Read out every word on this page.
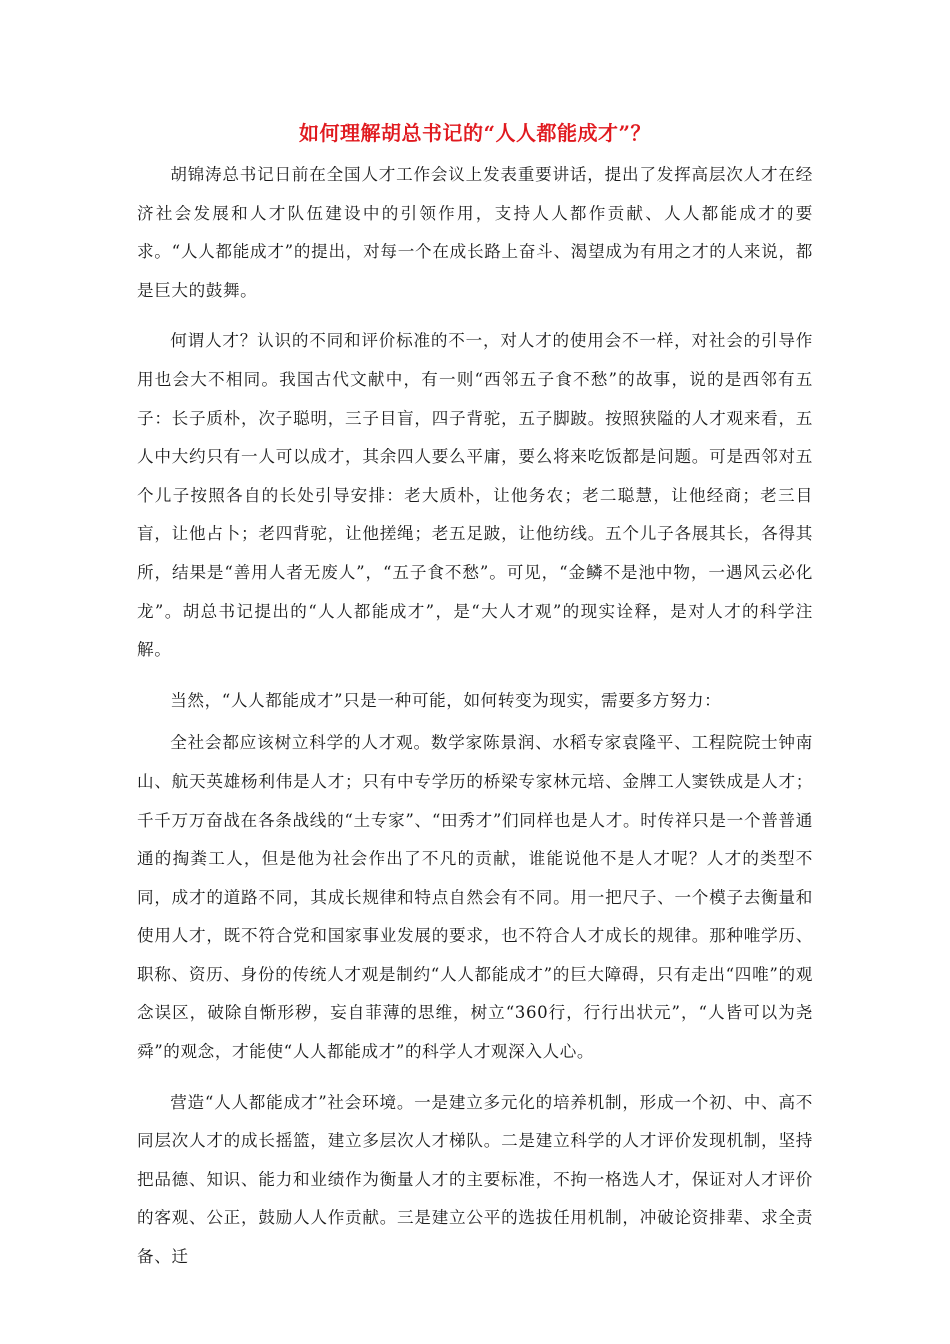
如何理解胡总书记的“人人都能成才”？

胡锦涛总书记日前在全国人才工作会议上发表重要讲话，提出了发挥高层次人才在经济社会发展和人才队伍建设中的引领作用，支持人人都作贡献、人人都能成才的要求。“人人都能成才”的提出，对每一个在成长路上奋斗、渴望成为有用之才的人来说，都是巨大的鼓舞。

何谓人才？认识的不同和评价标准的不一，对人才的使用会不一样，对社会的引导作用也会大不相同。我国古代文献中，有一则“西邻五子食不愁”的故事，说的是西邻有五子：长子质朴，次子聪明，三子目盲，四子背驼，五子脚跛。按照狭隘的人才观来看，五人中大约只有一人可以成才，其余四人要么平庸，要么将来吃饭都是问题。可是西邻对五个儿子按照各自的长处引导安排：老大质朴，让他务农；老二聪慧，让他经商；老三目盲，让他占卜；老四背驼，让他搓绳；老五足跛，让他纺线。五个儿子各展其长，各得其所，结果是“善用人者无废人”，“五子食不愁”。可见，“金鳞不是池中物，一遇风云必化龙”。胡总书记提出的“人人都能成才”，是“大人才观”的现实诠释，是对人才的科学注解。

当然，“人人都能成才”只是一种可能，如何转变为现实，需要多方努力：

全社会都应该树立科学的人才观。数学家陈景润、水稻专家袁隆平、工程院院士钟南山、航天英雄杨利伟是人才；只有中专学历的桥梁专家林元培、金牌工人窦铁成是人才；千千万万奋战在各条战线的“土专家”、“田秀才”们同样也是人才。时传祥只是一个普普通通的掏粪工人，但是他为社会作出了不凡的贡献，谁能说他不是人才呢？人才的类型不同，成才的道路不同，其成长规律和特点自然会有不同。用一把尺子、一个模子去衡量和使用人才，既不符合党和国家事业发展的要求，也不符合人才成长的规律。那种唯学历、职称、资历、身份的传统人才观是制约“人人都能成才”的巨大障碍，只有走出“四唯”的观念误区，破除自惭形秽，妄自菲薄的思维，树立“360行，行行出状元”，“人皆可以为尧舜”的观念，才能使“人人都能成才”的科学人才观深入人心。

营造“人人都能成才”社会环境。一是建立多元化的培养机制，形成一个初、中、高不同层次人才的成长摇篮，建立多层次人才梯队。二是建立科学的人才评价发现机制，坚持把品德、知识、能力和业绩作为衡量人才的主要标准，不拘一格选人才，保证对人才评价的客观、公正，鼓励人人作贡献。三是建立公平的选拔任用机制，冲破论资排辈、求全责备、迁
